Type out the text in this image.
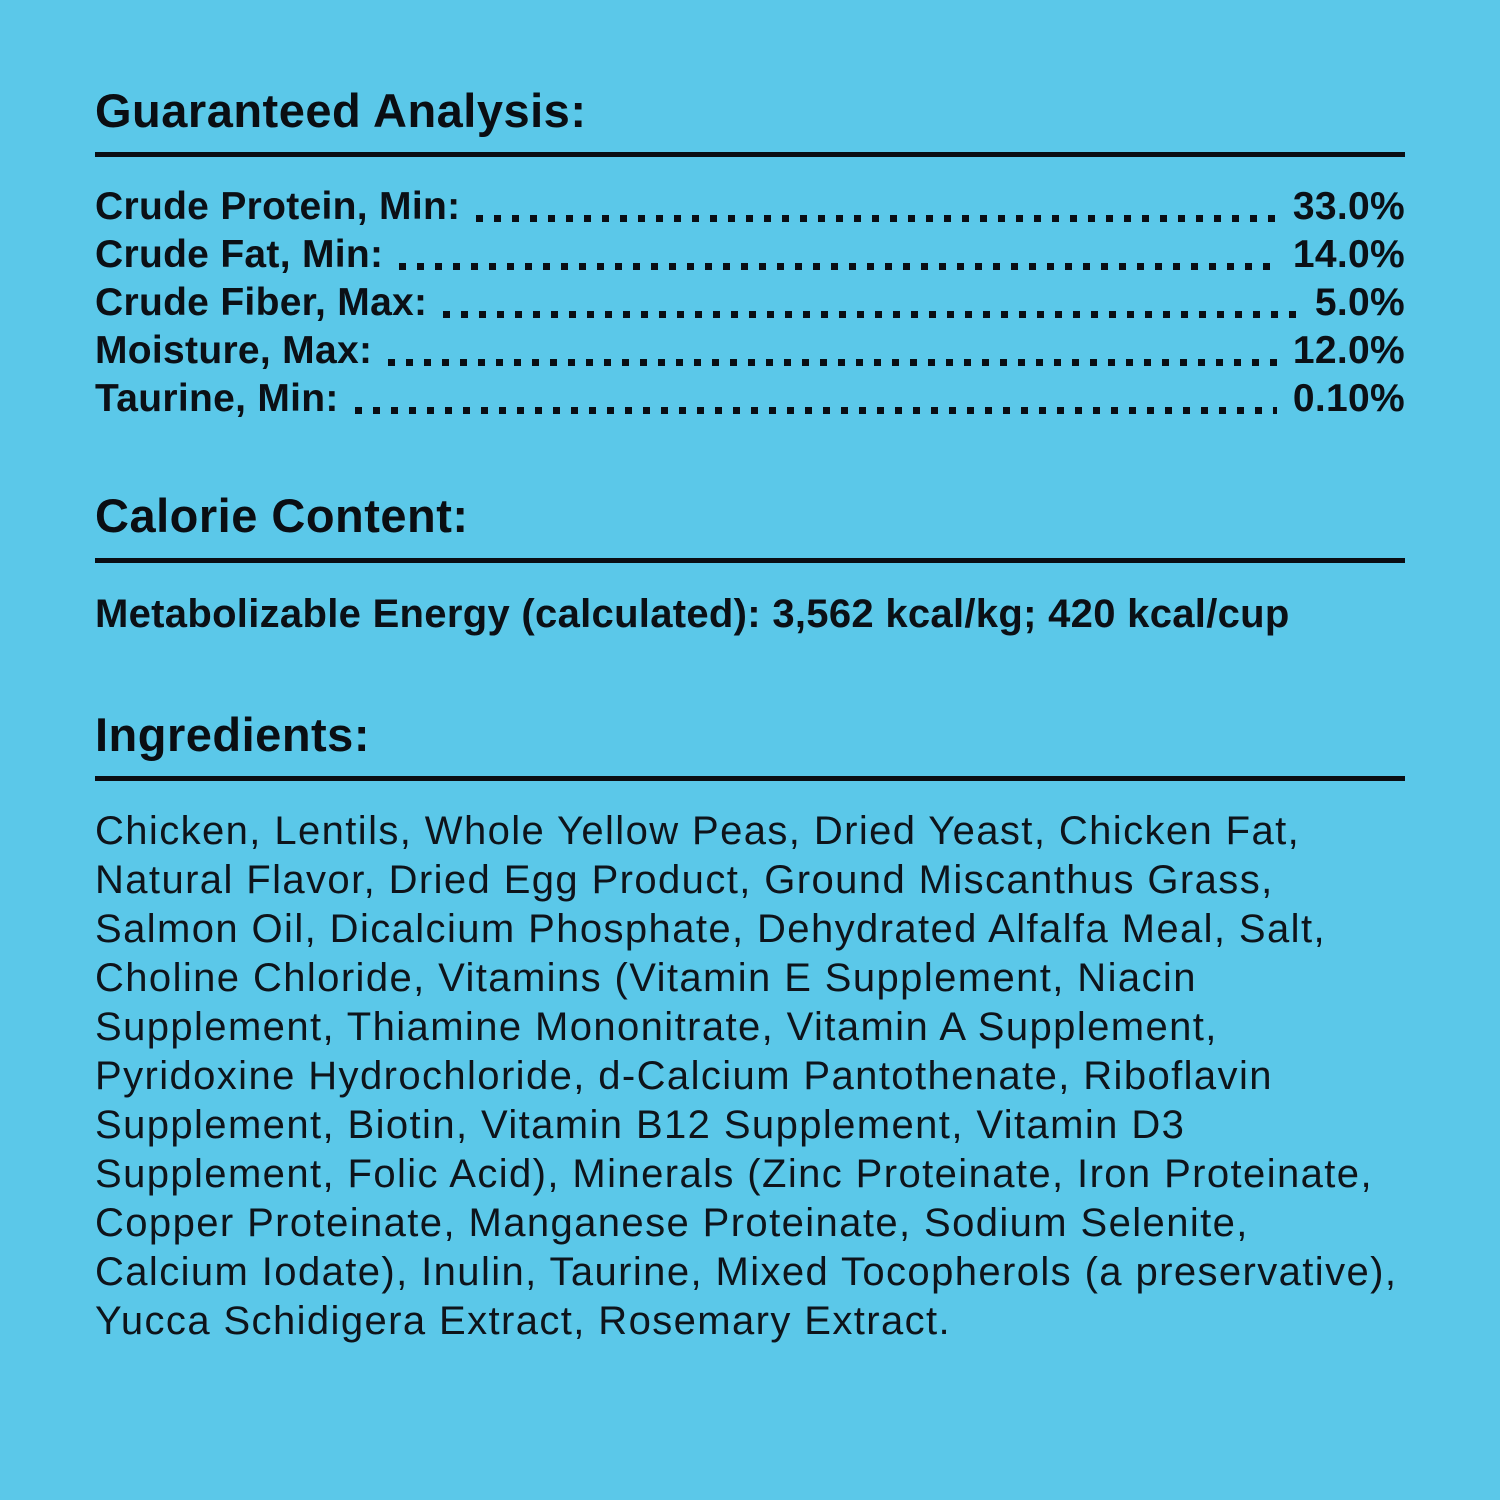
Guaranteed Analysis:
Crude Protein, Min:	33.0%
Crude Fat, Min:	14.0%
Crude Fiber, Max:	5.0%
Moisture, Max:	12.0%
Taurine, Min:	0.10%
Calorie Content:
Metabolizable Energy (calculated): 3,562 kcal/kg; 420 kcal/cup
Ingredients:
Chicken, Lentils, Whole Yellow Peas, Dried Yeast, Chicken Fat, Natural Flavor, Dried Egg Product, Ground Miscanthus Grass, Salmon Oil, Dicalcium Phosphate, Dehydrated Alfalfa Meal, Salt, Choline Chloride, Vitamins (Vitamin E Supplement, Niacin Supplement, Thiamine Mononitrate, Vitamin A Supplement, Pyridoxine Hydrochloride, d-Calcium Pantothenate, Riboflavin Supplement, Biotin, Vitamin B12 Supplement, Vitamin D3 Supplement, Folic Acid), Minerals (Zinc Proteinate, Iron Proteinate, Copper Proteinate, Manganese Proteinate, Sodium Selenite, Calcium Iodate), Inulin, Taurine, Mixed Tocopherols (a preservative), Yucca Schidigera Extract, Rosemary Extract.
